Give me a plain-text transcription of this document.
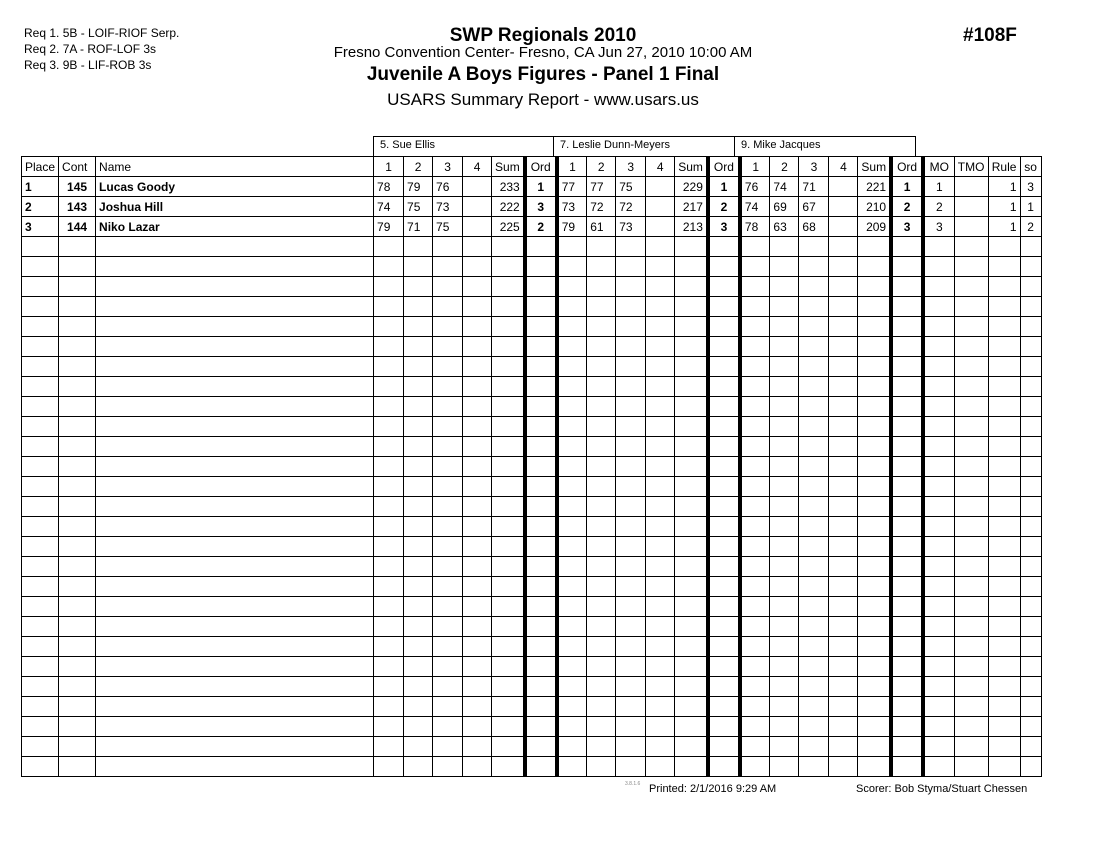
Req 1. 5B - LOIF-RIOF Serp.
Req 2. 7A - ROF-LOF 3s
Req 3. 9B - LIF-ROB 3s
SWP Regionals 2010
Fresno Convention Center- Fresno, CA Jun 27, 2010 10:00 AM
Juvenile A Boys Figures - Panel 1 Final
USARS Summary Report - www.usars.us
#108F
5. Sue Ellis	7. Leslie Dunn-Meyers	9. Mike Jacques
Place	Cont	Name	1	2	3	4	Sum	Ord	1	2	3	4	Sum	Ord	1	2	3	4	Sum	Ord	MO	TMO	Rule	so
1	145	Lucas Goody	78	79	76		233	1	77	77	75		229	1	76	74	71		221	1	1		1	3
2	143	Joshua Hill	74	75	73		222	3	73	72	72		217	2	74	69	67		210	2	2		1	1
3	144	Niko Lazar	79	71	75		225	2	79	61	73		213	3	78	63	68		209	3	3		1	2

3.8.1.6 Printed: 2/1/2016 9:29 AM	Scorer: Bob Styma/Stuart Chessen
